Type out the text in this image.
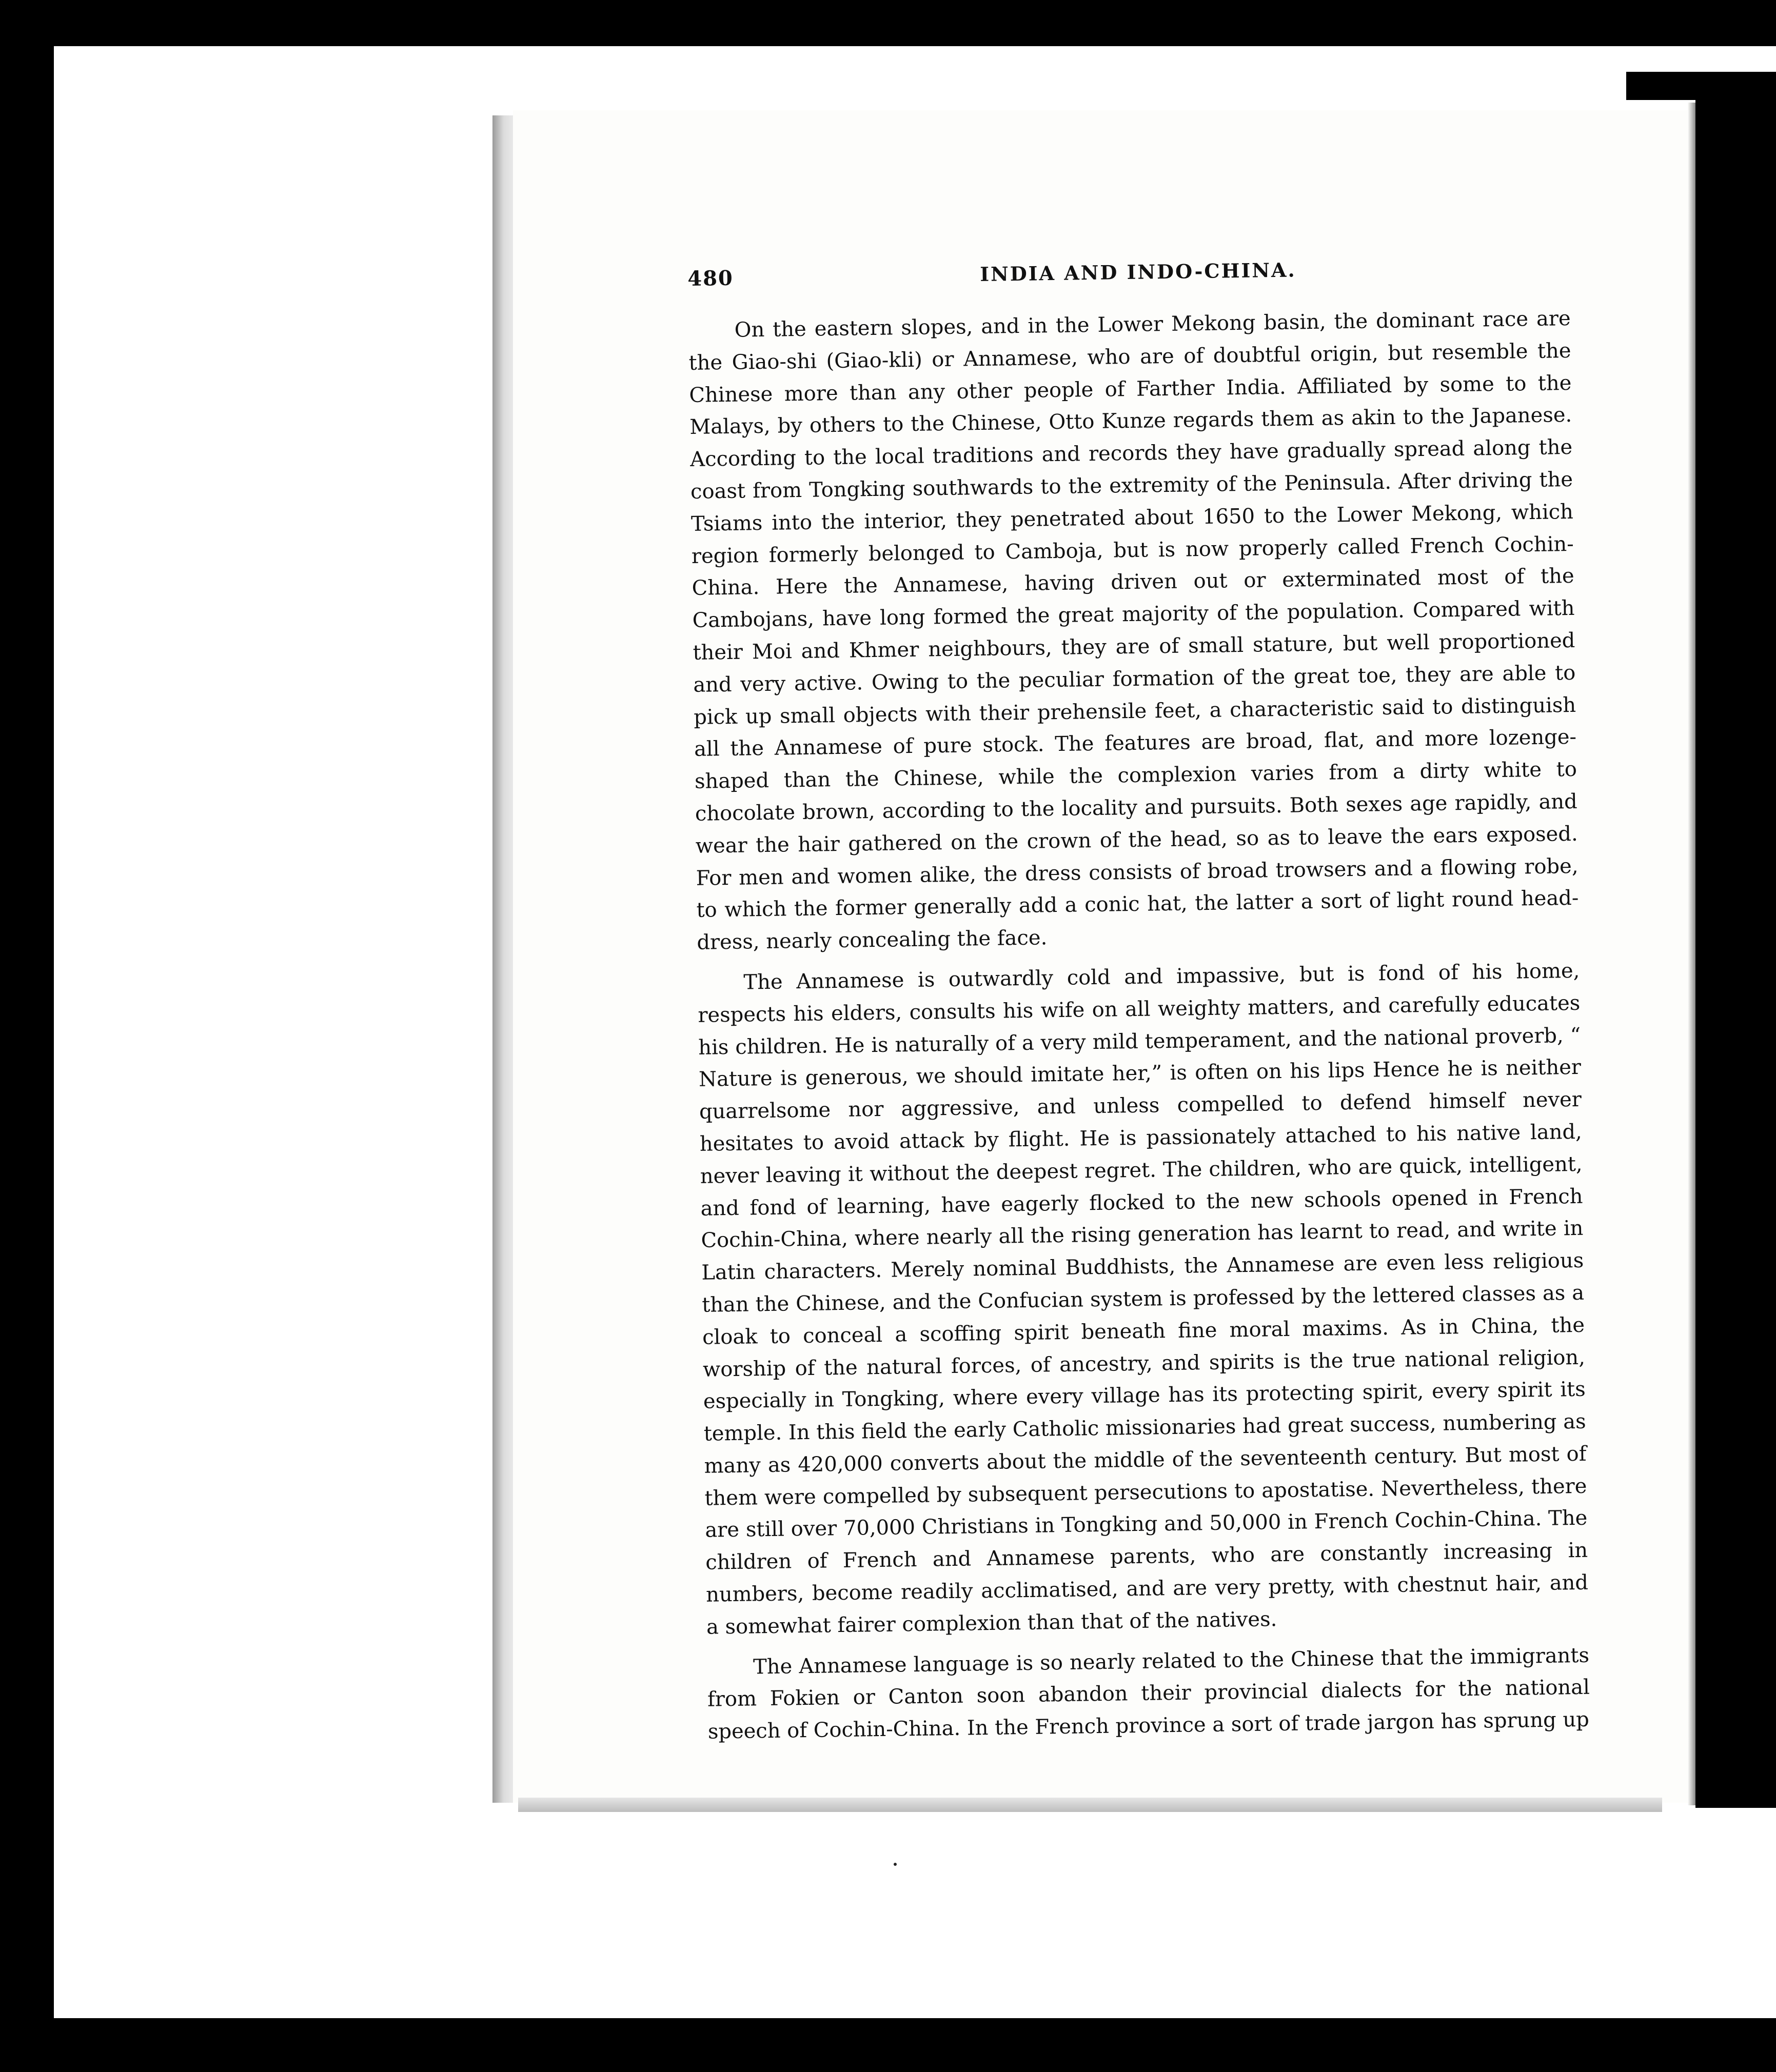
480	INDIA AND INDO-CHINA.

On the eastern slopes, and in the Lower Mekong basin, the dominant race are the Giao-shi (Giao-kli) or Annamese, who are of doubtful origin, but resemble the Chinese more than any other people of Farther India. Affiliated by some to the Malays, by others to the Chinese, Otto Kunze regards them as akin to the Japanese. According to the local traditions and records they have gradually spread along the coast from Tongking southwards to the extremity of the Peninsula. After driving the Tsiams into the interior, they penetrated about 1650 to the Lower Mekong, which region formerly belonged to Camboja, but is now properly called French Cochin-China. Here the Annamese, having driven out or exterminated most of the Cambojans, have long formed the great majority of the population. Compared with their Moi and Khmer neighbours, they are of small stature, but well proportioned and very active. Owing to the peculiar formation of the great toe, they are able to pick up small objects with their prehensile feet, a characteristic said to distinguish all the Annamese of pure stock. The features are broad, flat, and more lozenge-shaped than the Chinese, while the complexion varies from a dirty white to chocolate brown, according to the locality and pursuits. Both sexes age rapidly, and wear the hair gathered on the crown of the head, so as to leave the ears exposed. For men and women alike, the dress consists of broad trowsers and a flowing robe, to which the former generally add a conic hat, the latter a sort of light round head-dress, nearly concealing the face.

The Annamese is outwardly cold and impassive, but is fond of his home, respects his elders, consults his wife on all weighty matters, and carefully educates his children. He is naturally of a very mild temperament, and the national proverb, “ Nature is generous, we should imitate her,” is often on his lips Hence he is neither quarrelsome nor aggressive, and unless compelled to defend himself never hesitates to avoid attack by flight. He is passionately attached to his native land, never leaving it without the deepest regret. The children, who are quick, intelligent, and fond of learning, have eagerly flocked to the new schools opened in French Cochin-China, where nearly all the rising generation has learnt to read, and write in Latin characters. Merely nominal Buddhists, the Annamese are even less religious than the Chinese, and the Confucian system is professed by the lettered classes as a cloak to conceal a scoffing spirit beneath fine moral maxims. As in China, the worship of the natural forces, of ancestry, and spirits is the true national religion, especially in Tongking, where every village has its protecting spirit, every spirit its temple. In this field the early Catholic missionaries had great success, numbering as many as 420,000 converts about the middle of the seventeenth century. But most of them were compelled by subsequent persecutions to apostatise. Nevertheless, there are still over 70,000 Christians in Tongking and 50,000 in French Cochin-China. The children of French and Annamese parents, who are constantly increasing in numbers, become readily acclimatised, and are very pretty, with chestnut hair, and a somewhat fairer complexion than that of the natives.

The Annamese language is so nearly related to the Chinese that the immigrants from Fokien or Canton soon abandon their provincial dialects for the national speech of Cochin-China. In the French province a sort of trade jargon has sprung up
